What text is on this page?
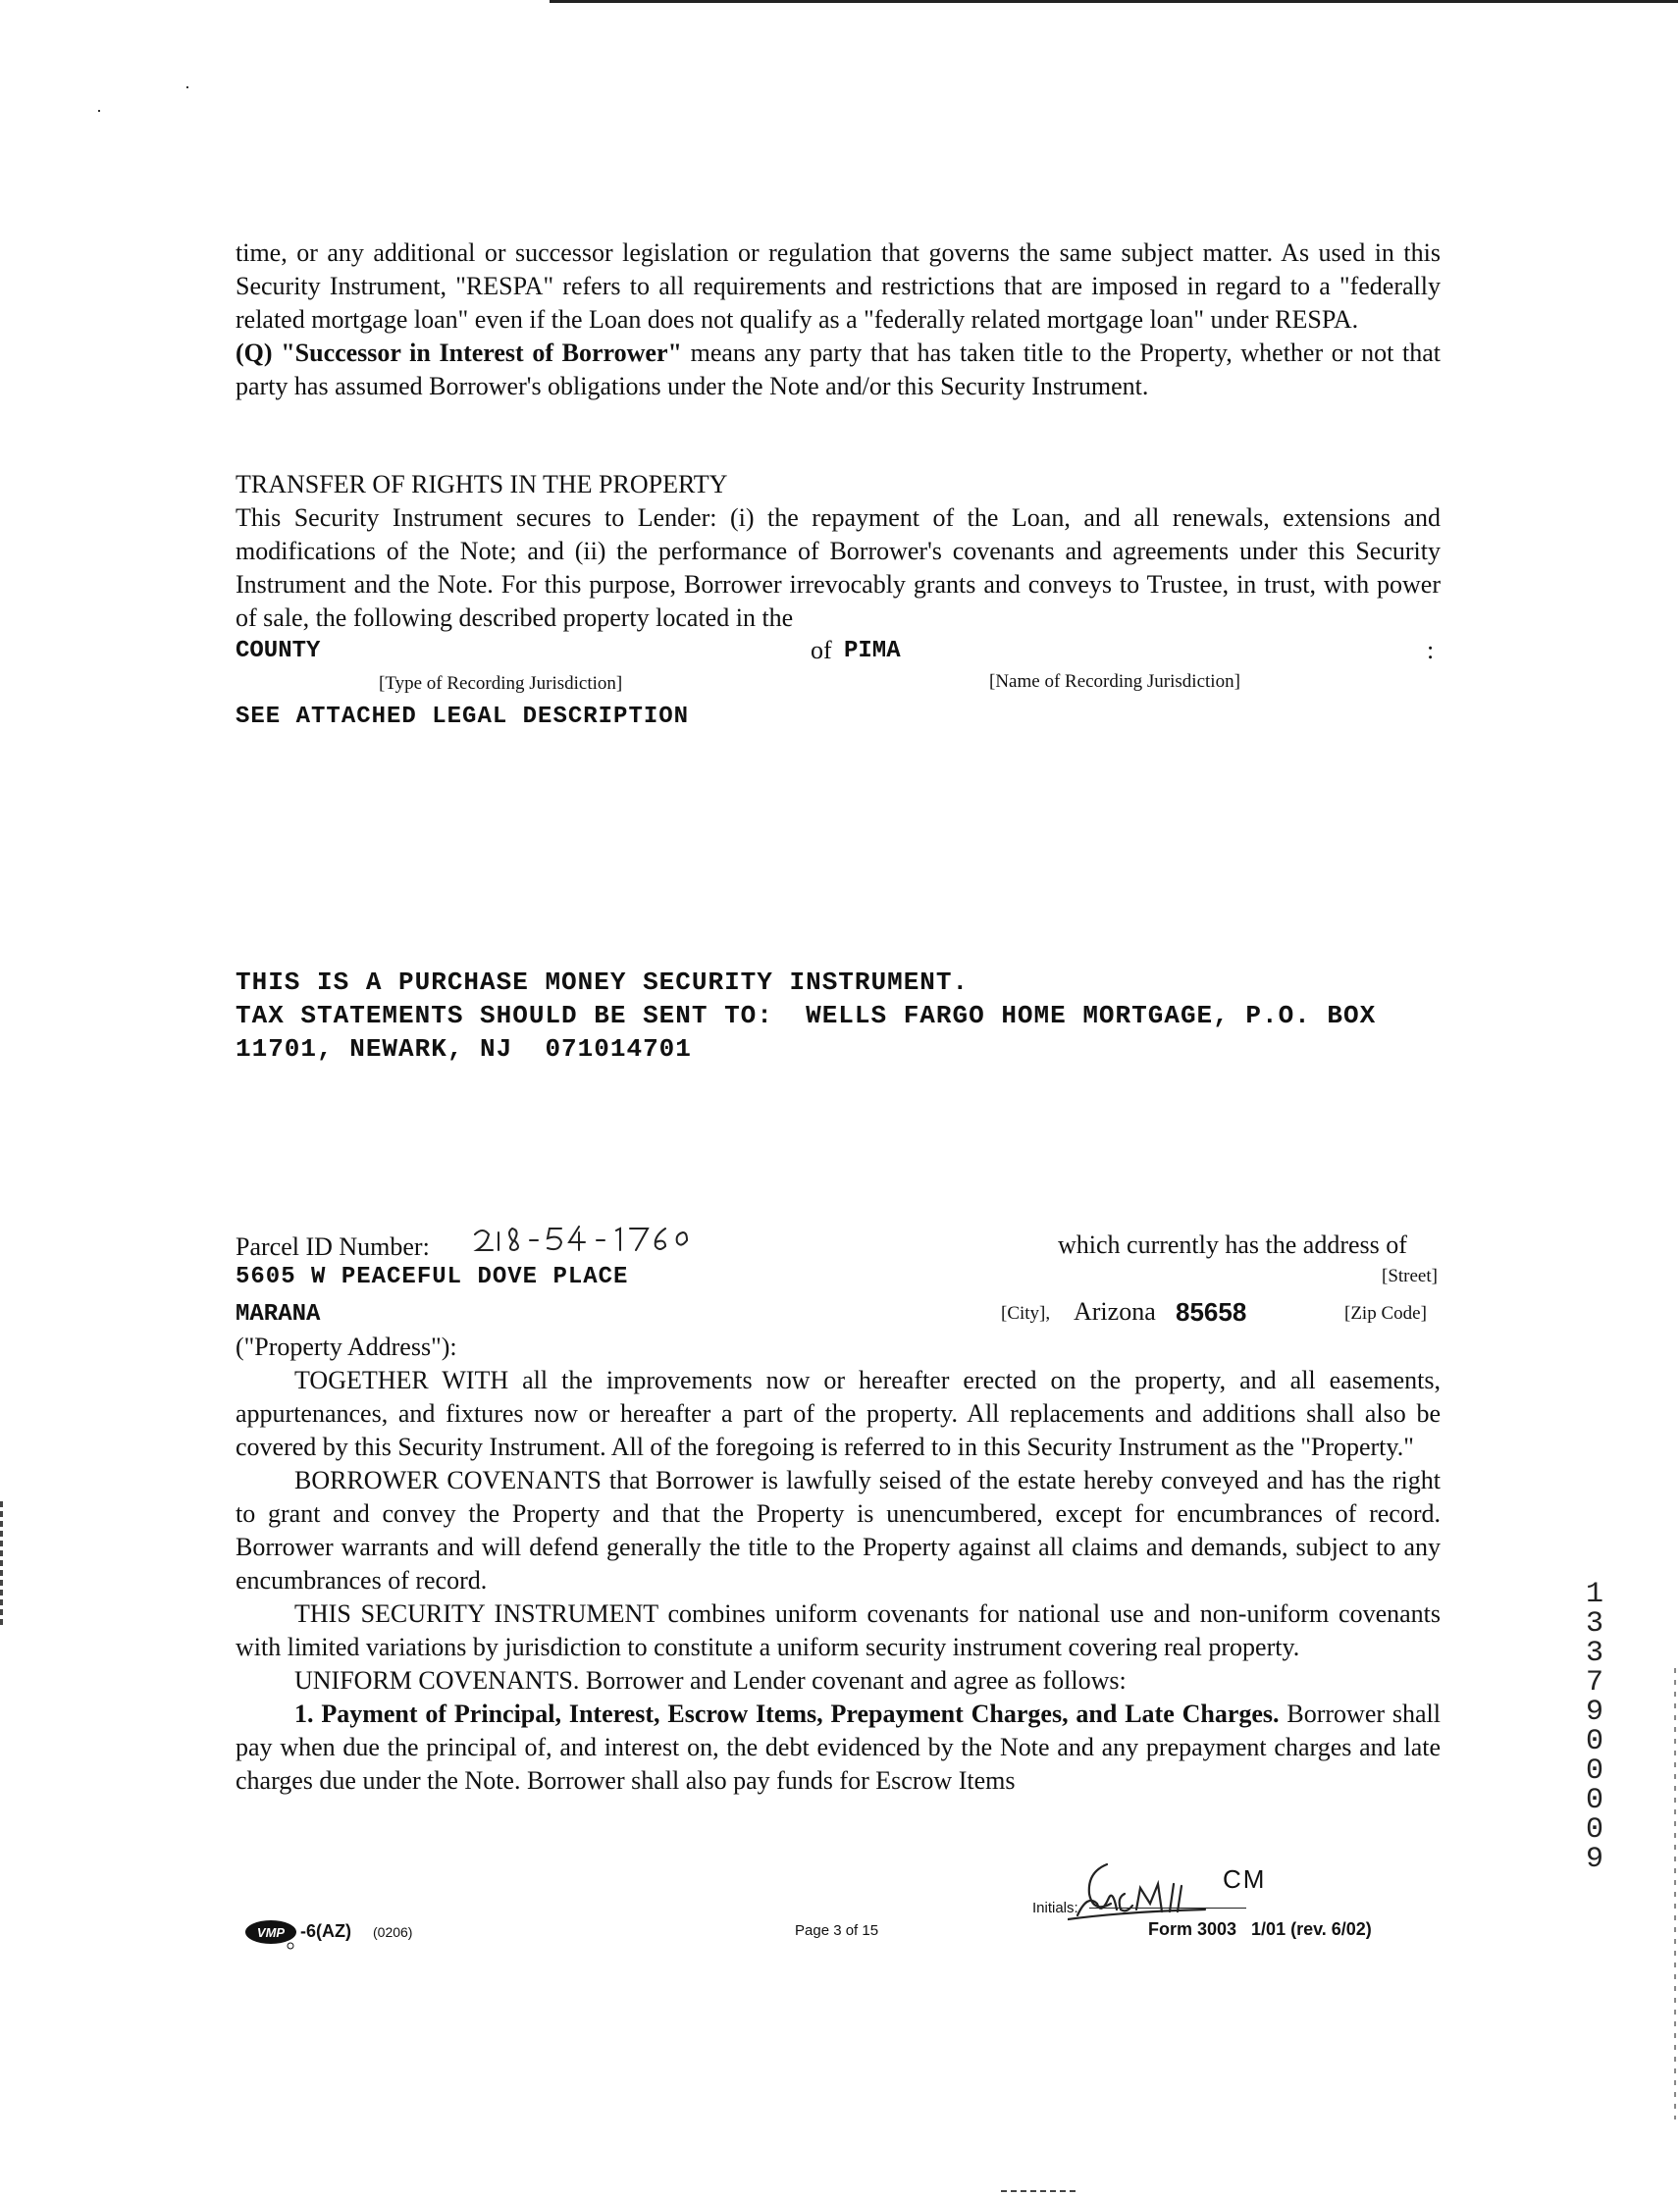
time, or any additional or successor legislation or regulation that governs the same subject matter. As used in this Security Instrument, "RESPA" refers to all requirements and restrictions that are imposed in regard to a "federally related mortgage loan" even if the Loan does not qualify as a "federally related mortgage loan" under RESPA.

(Q) "Successor in Interest of Borrower" means any party that has taken title to the Property, whether or not that party has assumed Borrower's obligations under the Note and/or this Security Instrument.

TRANSFER OF RIGHTS IN THE PROPERTY

This Security Instrument secures to Lender: (i) the repayment of the Loan, and all renewals, extensions and modifications of the Note; and (ii) the performance of Borrower's covenants and agreements under this Security Instrument and the Note. For this purpose, Borrower irrevocably grants and conveys to Trustee, in trust, with power of sale, the following described property located in the

COUNTY	of PIMA	:
[Type of Recording Jurisdiction]	[Name of Recording Jurisdiction]
SEE ATTACHED LEGAL DESCRIPTION
THIS IS A PURCHASE MONEY SECURITY INSTRUMENT.
TAX STATEMENTS SHOULD BE SENT TO:  WELLS FARGO HOME MORTGAGE, P.O. BOX
11701, NEWARK, NJ  071014701
Parcel ID Number:	which currently has the address of
5605 W PEACEFUL DOVE PLACE	[Street]
MARANA	[City], Arizona 85658	[Zip Code]
("Property Address"):

TOGETHER WITH all the improvements now or hereafter erected on the property, and all easements, appurtenances, and fixtures now or hereafter a part of the property. All replacements and additions shall also be covered by this Security Instrument. All of the foregoing is referred to in this Security Instrument as the "Property."

BORROWER COVENANTS that Borrower is lawfully seised of the estate hereby conveyed and has the right to grant and convey the Property and that the Property is unencumbered, except for encumbrances of record. Borrower warrants and will defend generally the title to the Property against all claims and demands, subject to any encumbrances of record.

THIS SECURITY INSTRUMENT combines uniform covenants for national use and non-uniform covenants with limited variations by jurisdiction to constitute a uniform security instrument covering real property.

UNIFORM COVENANTS. Borrower and Lender covenant and agree as follows:

1. Payment of Principal, Interest, Escrow Items, Prepayment Charges, and Late Charges. Borrower shall pay when due the principal of, and interest on, the debt evidenced by the Note and any prepayment charges and late charges due under the Note. Borrower shall also pay funds for Escrow Items

Initials:
CM
VMP -6(AZ) (0206)	Page 3 of 15	Form 3003   1/01 (rev. 6/02)
1337900009
